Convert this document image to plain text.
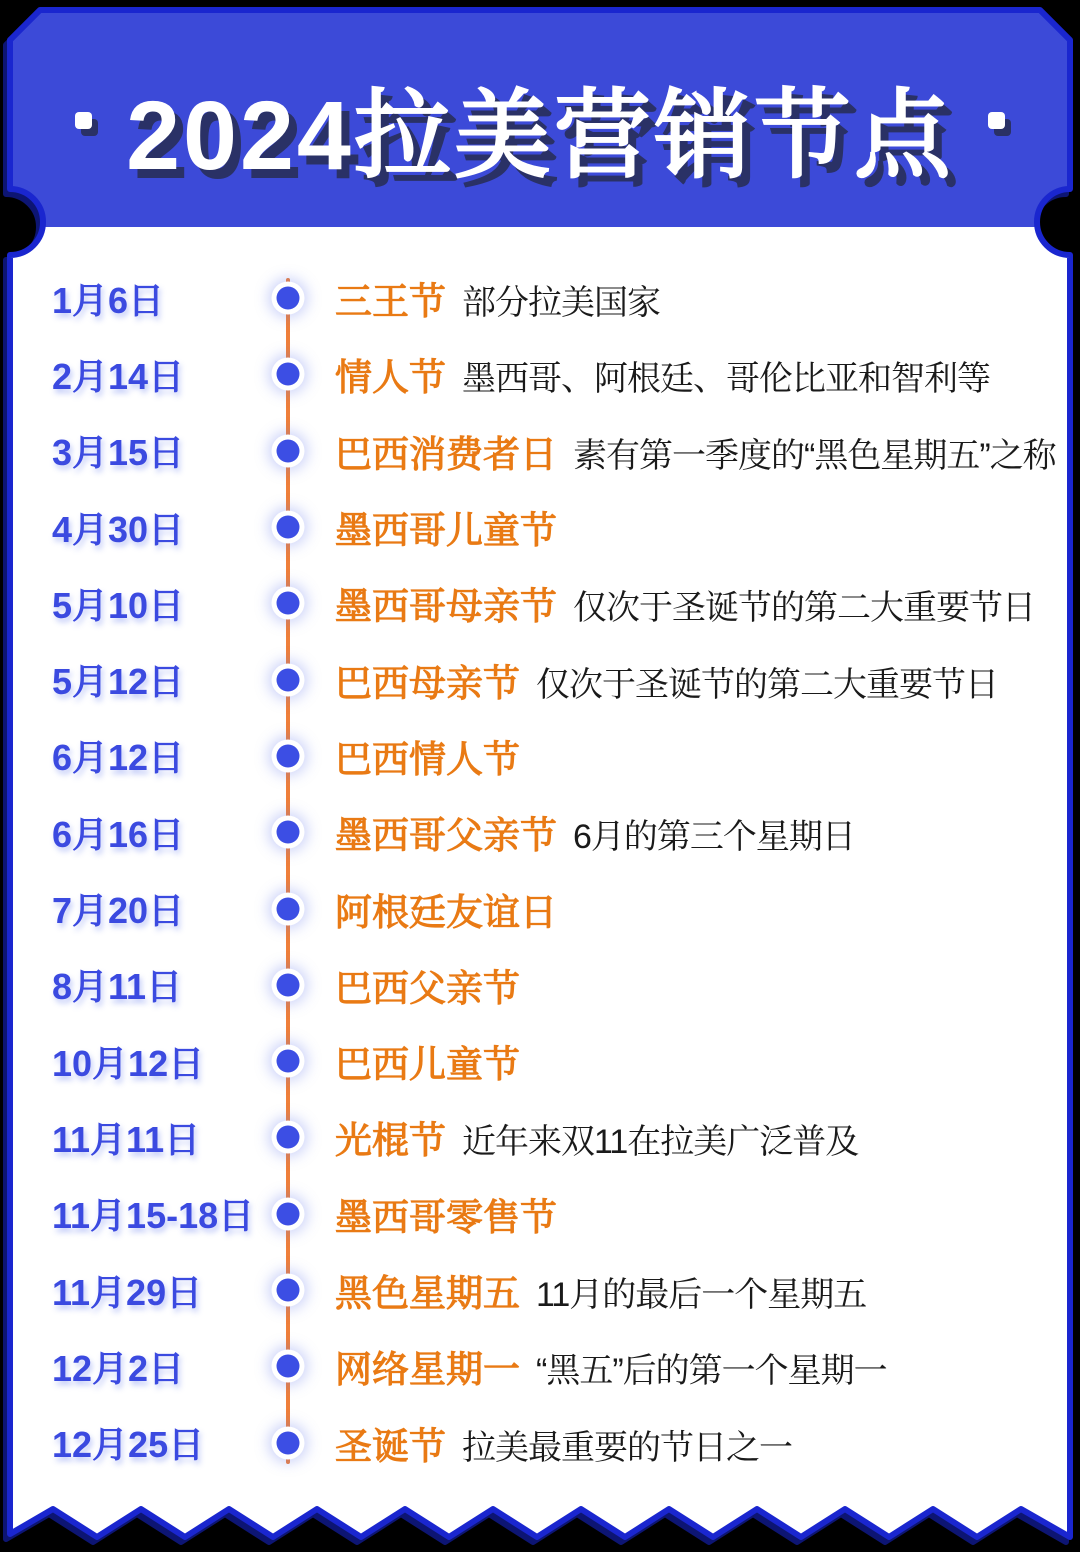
2024拉美营销节点
1月6日	三王节 部分拉美国家
2月14日	情人节 墨西哥、阿根廷、哥伦比亚和智利等
3月15日	巴西消费者日 素有第一季度的“黑色星期五”之称
4月30日	墨西哥儿童节
5月10日	墨西哥母亲节 仅次于圣诞节的第二大重要节日
5月12日	巴西母亲节 仅次于圣诞节的第二大重要节日
6月12日	巴西情人节
6月16日	墨西哥父亲节 6月的第三个星期日
7月20日	阿根廷友谊日
8月11日	巴西父亲节
10月12日	巴西儿童节
11月11日	光棍节 近年来双11在拉美广泛普及
11月15-18日	墨西哥零售节
11月29日	黑色星期五 11月的最后一个星期五
12月2日	网络星期一 “黑五”后的第一个星期一
12月25日	圣诞节 拉美最重要的节日之一
